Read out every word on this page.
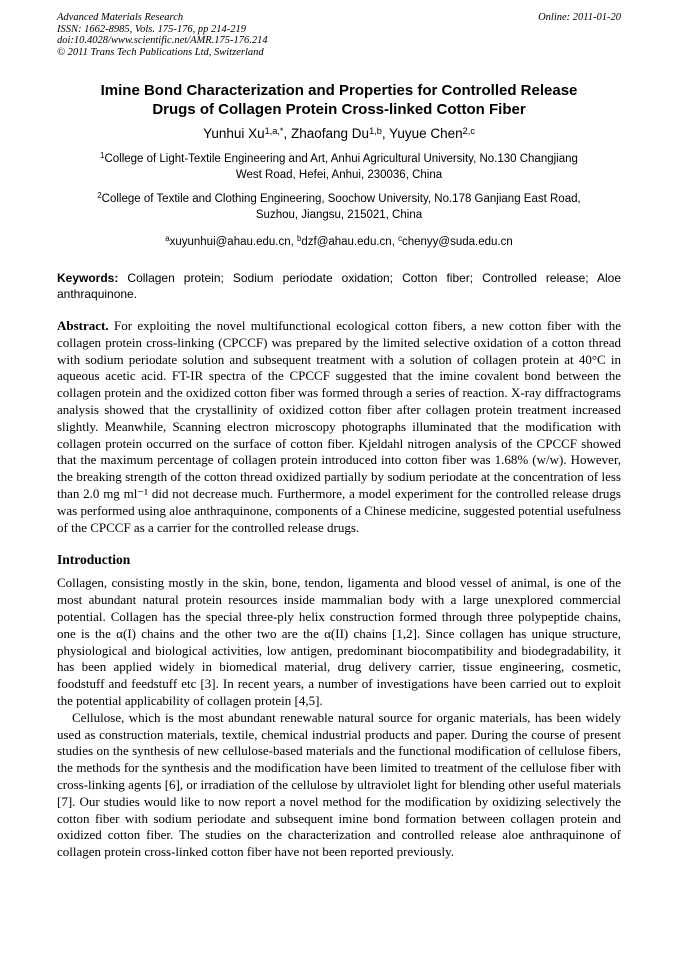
Advanced Materials Research
ISSN: 1662-8985, Vols. 175-176, pp 214-219
doi:10.4028/www.scientific.net/AMR.175-176.214
© 2011 Trans Tech Publications Ltd, Switzerland
Online: 2011-01-20
Imine Bond Characterization and Properties for Controlled Release
Drugs of Collagen Protein Cross-linked Cotton Fiber
Yunhui $Xu^{1,a,*}$, Zhaofang Du$^{1,b}$, Yuyue Chen$^{2,c}$
$^1$College of Light-Textile Engineering and Art, Anhui Agricultural University, No.130 Changjiang
West Road, Hefei, Anhui, 230036, China
$^2$College of Textile and Clothing Engineering, Soochow University, No.178 Ganjiang East Road,
Suzhou, Jiangsu, 215021, China
$^a$xuyunhui@ahau.edu.cn, $^b$dzf@ahau.edu.cn, $^c$chenyy@suda.edu.cn
Keywords: Collagen protein; Sodium periodate oxidation; Cotton fiber; Controlled release; Aloe anthraquinone.

Abstract. For exploiting the novel multifunctional ecological cotton fibers, a new cotton fiber with the collagen protein cross-linking (CPCCF) was prepared by the limited selective oxidation of a cotton thread with sodium periodate solution and subsequent treatment with a solution of collagen protein at 40°C in aqueous acetic acid. FT-IR spectra of the CPCCF suggested that the imine covalent bond between the collagen protein and the oxidized cotton fiber was formed through a series of reaction. X-ray diffractograms analysis showed that the crystallinity of oxidized cotton fiber after collagen protein treatment increased slightly. Meanwhile, Scanning electron microscopy photographs illuminated that the modification with collagen protein occurred on the surface of cotton fiber. Kjeldahl nitrogen analysis of the CPCCF showed that the maximum percentage of collagen protein introduced into cotton fiber was 1.68% (w/w). However, the breaking strength of the cotton thread oxidized partially by sodium periodate at the concentration of less than 2.0 mg ml⁻¹ did not decrease much. Furthermore, a model experiment for the controlled release drugs was performed using aloe anthraquinone, components of a Chinese medicine, suggested potential usefulness of the CPCCF as a carrier for the controlled release drugs.

Introduction

Collagen, consisting mostly in the skin, bone, tendon, ligamenta and blood vessel of animal, is one of the most abundant natural protein resources inside mammalian body with a large unexplored commercial potential. Collagen has the special three-ply helix construction formed through three polypeptide chains, one is the α(I) chains and the other two are the α(II) chains [1,2]. Since collagen has unique structure, physiological and biological activities, low antigen, predominant biocompatibility and biodegradability, it has been applied widely in biomedical material, drug delivery carrier, tissue engineering, cosmetic, foodstuff and feedstuff etc [3]. In recent years, a number of investigations have been carried out to exploit the potential applicability of collagen protein [4,5].

Cellulose, which is the most abundant renewable natural source for organic materials, has been widely used as construction materials, textile, chemical industrial products and paper. During the course of present studies on the synthesis of new cellulose-based materials and the functional modification of cellulose fibers, the methods for the synthesis and the modification have been limited to treatment of the cellulose fiber with cross-linking agents [6], or irradiation of the cellulose by ultraviolet light for blending other useful materials [7]. Our studies would like to now report a novel method for the modification by oxidizing selectively the cotton fiber with sodium periodate and subsequent imine bond formation between collagen protein and oxidized cotton fiber. The studies on the characterization and controlled release aloe anthraquinone of collagen protein cross-linked cotton fiber have not been reported previously.
